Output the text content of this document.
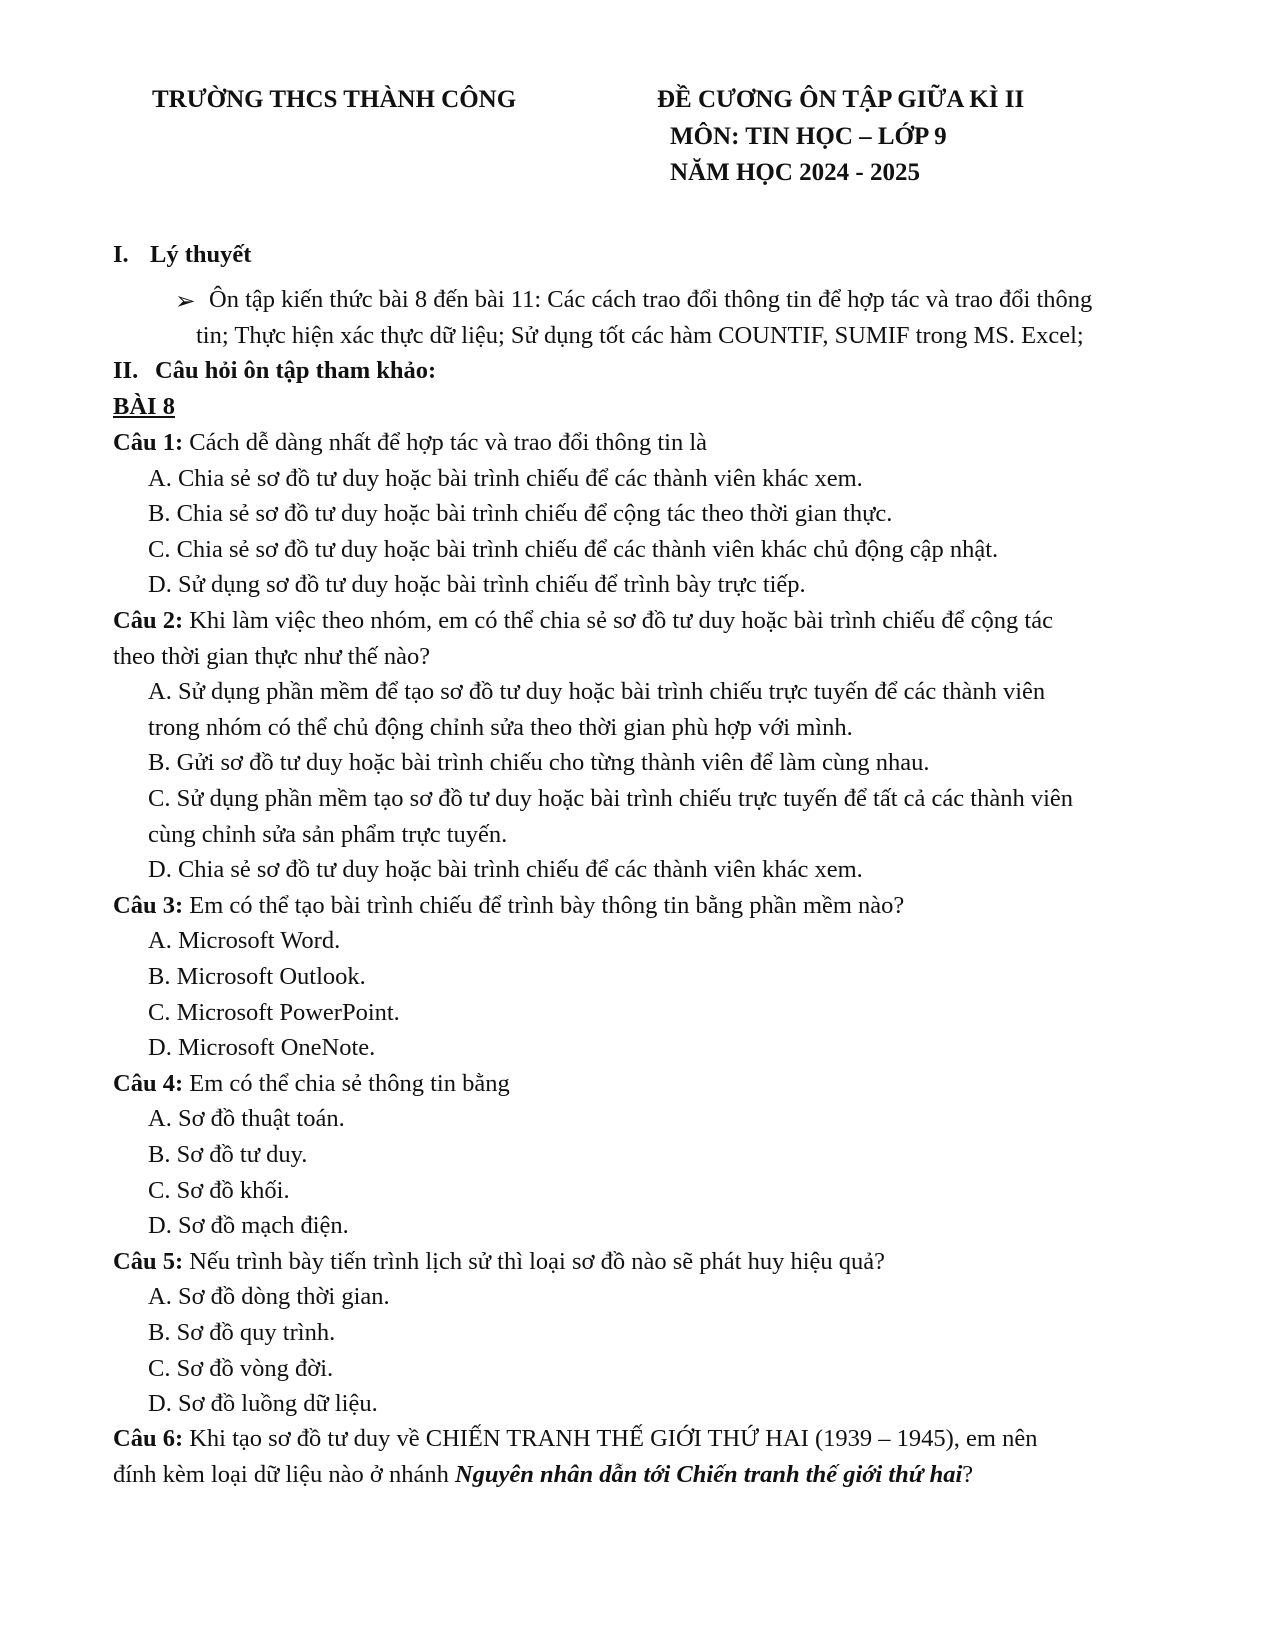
TRƯỜNG THCS THÀNH CÔNG	ĐỀ CƯƠNG ÔN TẬP GIỮA KÌ II
MÔN: TIN HỌC – LỚP 9
NĂM HỌC 2024 - 2025
I. Lý thuyết
➢ Ôn tập kiến thức bài 8 đến bài 11: Các cách trao đổi thông tin để hợp tác và trao đổi thông
tin; Thực hiện xác thực dữ liệu; Sử dụng tốt các hàm COUNTIF, SUMIF trong MS. Excel;
II. Câu hỏi ôn tập tham khảo:
BÀI 8
Câu 1: Cách dễ dàng nhất để hợp tác và trao đổi thông tin là
A. Chia sẻ sơ đồ tư duy hoặc bài trình chiếu để các thành viên khác xem.
B. Chia sẻ sơ đồ tư duy hoặc bài trình chiếu để cộng tác theo thời gian thực.
C. Chia sẻ sơ đồ tư duy hoặc bài trình chiếu để các thành viên khác chủ động cập nhật.
D. Sử dụng sơ đồ tư duy hoặc bài trình chiếu để trình bày trực tiếp.
Câu 2: Khi làm việc theo nhóm, em có thể chia sẻ sơ đồ tư duy hoặc bài trình chiếu để cộng tác
theo thời gian thực như thế nào?
A. Sử dụng phần mềm để tạo sơ đồ tư duy hoặc bài trình chiếu trực tuyến để các thành viên
trong nhóm có thể chủ động chỉnh sửa theo thời gian phù hợp với mình.
B. Gửi sơ đồ tư duy hoặc bài trình chiếu cho từng thành viên để làm cùng nhau.
C. Sử dụng phần mềm tạo sơ đồ tư duy hoặc bài trình chiếu trực tuyến để tất cả các thành viên
cùng chỉnh sửa sản phẩm trực tuyến.
D. Chia sẻ sơ đồ tư duy hoặc bài trình chiếu để các thành viên khác xem.
Câu 3: Em có thể tạo bài trình chiếu để trình bày thông tin bằng phần mềm nào?
A. Microsoft Word.
B. Microsoft Outlook.
C. Microsoft PowerPoint.
D. Microsoft OneNote.
Câu 4: Em có thể chia sẻ thông tin bằng
A. Sơ đồ thuật toán.
B. Sơ đồ tư duy.
C. Sơ đồ khối.
D. Sơ đồ mạch điện.
Câu 5: Nếu trình bày tiến trình lịch sử thì loại sơ đồ nào sẽ phát huy hiệu quả?
A. Sơ đồ dòng thời gian.
B. Sơ đồ quy trình.
C. Sơ đồ vòng đời.
D. Sơ đồ luồng dữ liệu.
Câu 6: Khi tạo sơ đồ tư duy về CHIẾN TRANH THẾ GIỚI THỨ HAI (1939 – 1945), em nên
đính kèm loại dữ liệu nào ở nhánh Nguyên nhân dẫn tới Chiến tranh thế giới thứ hai?
